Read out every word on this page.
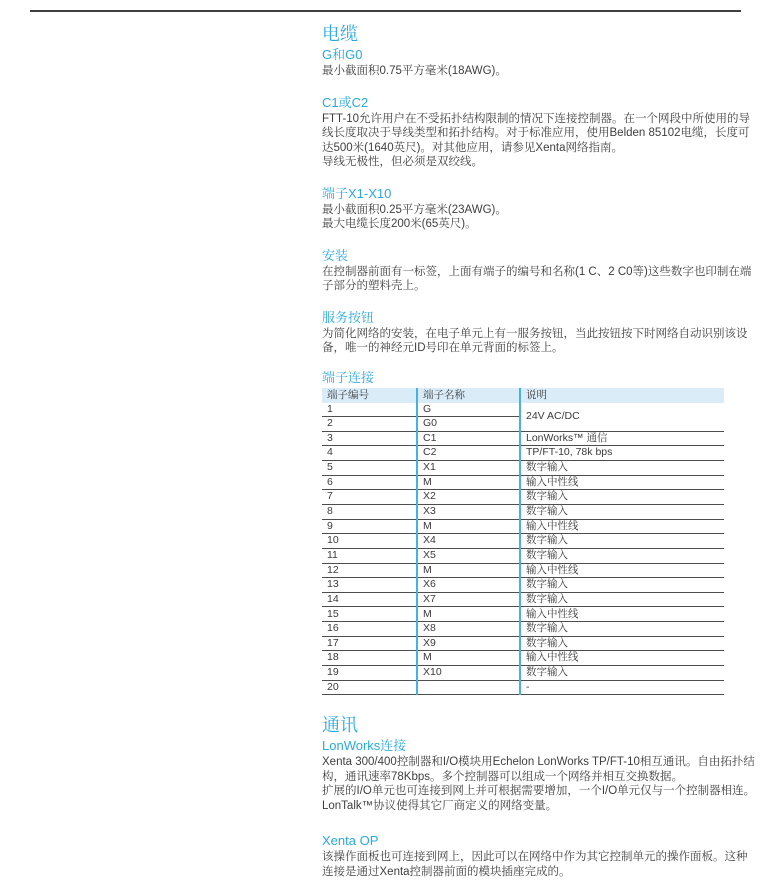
电缆
G和G0
最小截面积0.75平方毫米(18AWG)。
C1或C2
FTT-10允许用户在不受拓扑结构限制的情况下连接控制器。在一个网段中所使用的导
线长度取决于导线类型和拓扑结构。对于标准应用，使用Belden 85102电缆，长度可
达500米(1640英尺)。对其他应用，请参见Xenta网络指南。
导线无极性，但必须是双绞线。
端子X1-X10
最小截面积0.25平方毫米(23AWG)。
最大电缆长度200米(65英尺)。
安装
在控制器前面有一标签，上面有端子的编号和名称(1 C、2 C0等)这些数字也印制在端
子部分的塑料壳上。
服务按钮
为简化网络的安装，在电子单元上有一服务按钮，当此按钮按下时网络自动识别该设
备，唯一的神经元ID号印在单元背面的标签上。
端子连接
端子编号	端子名称	说明
1	G	24V AC/DC
2	G0	
3	C1	LonWorks™ 通信
4	C2	TP/FT-10, 78k bps
5	X1	数字输入
6	M	输入中性线
7	X2	数字输入
8	X3	数字输入
9	M	输入中性线
10	X4	数字输入
11	X5	数字输入
12	M	输入中性线
13	X6	数字输入
14	X7	数字输入
15	M	输入中性线
16	X8	数字输入
17	X9	数字输入
18	M	输入中性线
19	X10	数字输入
20		-
通讯
LonWorks连接
Xenta 300/400控制器和I/O模块用Echelon LonWorks TP/FT-10相互通讯。自由拓扑结
构，通讯速率78Kbps。多个控制器可以组成一个网络并相互交换数据。
扩展的I/O单元也可连接到网上并可根据需要增加，一个I/O单元仅与一个控制器相连。
LonTalk™协议使得其它厂商定义的网络变量。
Xenta OP
该操作面板也可连接到网上，因此可以在网络中作为其它控制单元的操作面板。这种
连接是通过Xenta控制器前面的模块插座完成的。
